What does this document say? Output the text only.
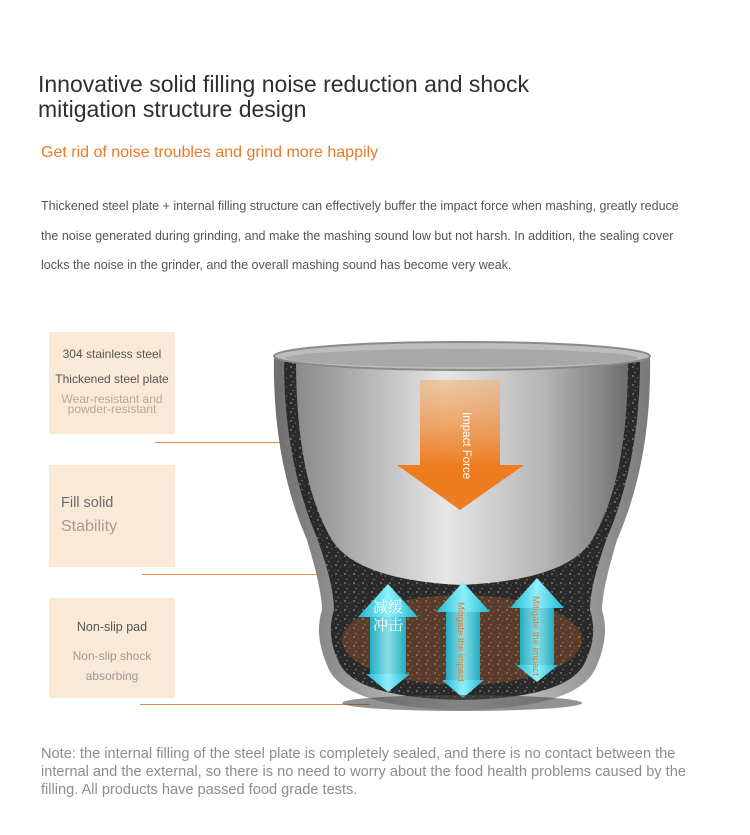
Innovative solid filling noise reduction and shock mitigation structure design
Get rid of noise troubles and grind more happily
Thickened steel plate + internal filling structure can effectively buffer the impact force when mashing, greatly reduce the noise generated during grinding, and make the mashing sound low but not harsh. In addition, the sealing cover locks the noise in the grinder, and the overall mashing sound has become very weak.
304 stainless steel
Thickened steel plate
Wear-resistant and powder-resistant
Fill solid
Stability
Non-slip pad
Non-slip shock absorbing
Impact Force
减缓冲击	Mitigate the impact	Mitigate the impact
Note: the internal filling of the steel plate is completely sealed, and there is no contact between the internal and the external, so there is no need to worry about the food health problems caused by the filling. All products have passed food grade tests.
